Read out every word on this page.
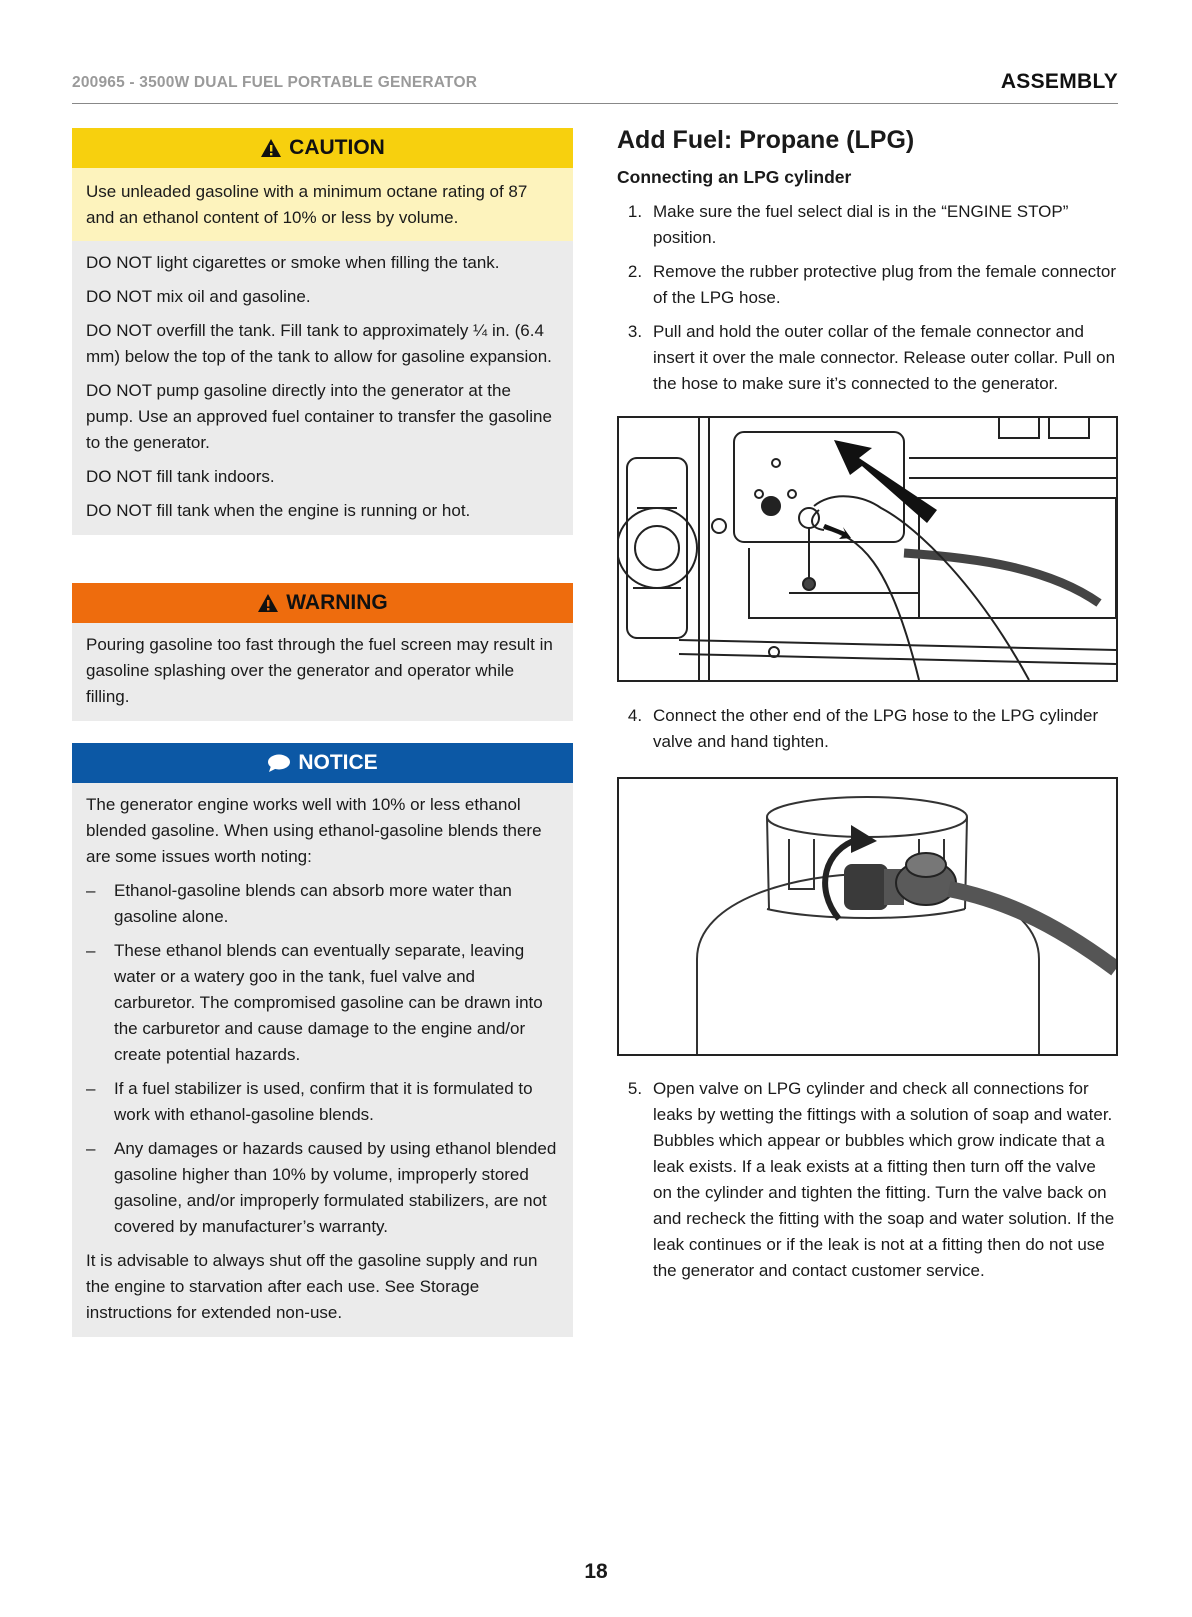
200965 - 3500W DUAL FUEL PORTABLE GENERATOR	ASSEMBLY
CAUTION

Use unleaded gasoline with a minimum octane rating of 87 and an ethanol content of 10% or less by volume.

DO NOT light cigarettes or smoke when filling the tank.

DO NOT mix oil and gasoline.

DO NOT overfill the tank. Fill tank to approximately ¼ in. (6.4 mm) below the top of the tank to allow for gasoline expansion.

DO NOT pump gasoline directly into the generator at the pump. Use an approved fuel container to transfer the gasoline to the generator.

DO NOT fill tank indoors.

DO NOT fill tank when the engine is running or hot.

WARNING

Pouring gasoline too fast through the fuel screen may result in gasoline splashing over the generator and operator while filling.

NOTICE

The generator engine works well with 10% or less ethanol blended gasoline. When using ethanol-gasoline blends there are some issues worth noting:

–	Ethanol-gasoline blends can absorb more water than gasoline alone.
–	These ethanol blends can eventually separate, leaving water or a watery goo in the tank, fuel valve and carburetor. The compromised gasoline can be drawn into the carburetor and cause damage to the engine and/or create potential hazards.
–	If a fuel stabilizer is used, confirm that it is formulated to work with ethanol-gasoline blends.
–	Any damages or hazards caused by using ethanol blended gasoline higher than 10% by volume, improperly stored gasoline, and/or improperly formulated stabilizers, are not covered by manufacturer’s warranty.

It is advisable to always shut off the gasoline supply and run the engine to starvation after each use. See Storage instructions for extended non-use.

Add Fuel: Propane (LPG)
Connecting an LPG cylinder
1. Make sure the fuel select dial is in the “ENGINE STOP” position.
2. Remove the rubber protective plug from the female connector of the LPG hose.
3. Pull and hold the outer collar of the female connector and insert it over the male connector. Release outer collar. Pull on the hose to make sure it’s connected to the generator.
4. Connect the other end of the LPG hose to the LPG cylinder valve and hand tighten.
5. Open valve on LPG cylinder and check all connections for leaks by wetting the fittings with a solution of soap and water. Bubbles which appear or bubbles which grow indicate that a leak exists. If a leak exists at a fitting then turn off the valve on the cylinder and tighten the fitting. Turn the valve back on and recheck the fitting with the soap and water solution. If the leak continues or if the leak is not at a fitting then do not use the generator and contact customer service.
18
